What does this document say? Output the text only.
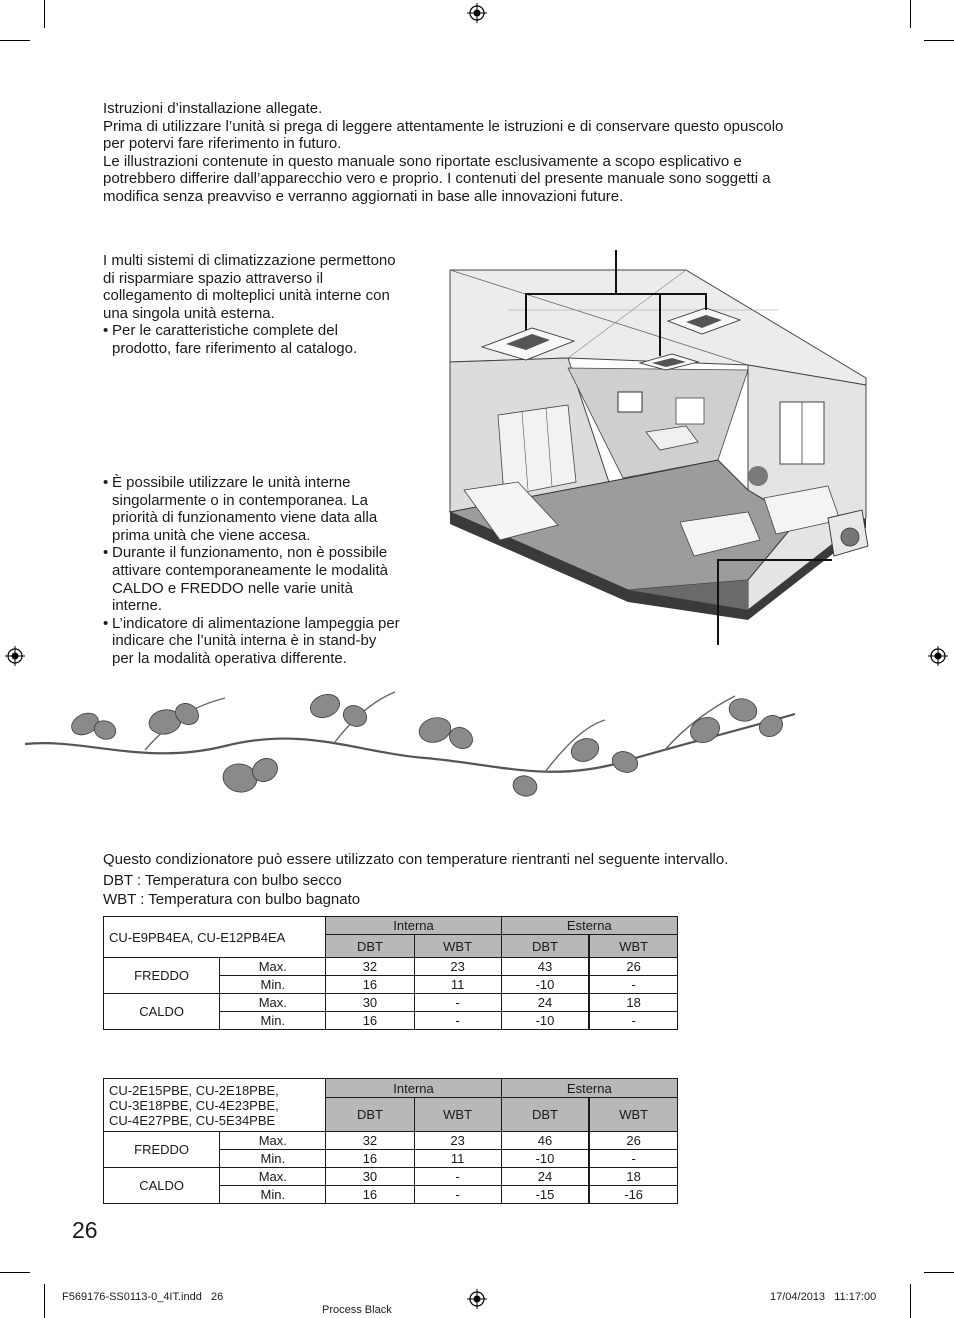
Istruzioni d’installazione allegate.

Prima di utilizzare l’unità si prega di leggere attentamente le istruzioni e di conservare questo opuscolo

per potervi fare riferimento in futuro.

Le illustrazioni contenute in questo manuale sono riportate esclusivamente a scopo esplicativo e

potrebbero differire dall’apparecchio vero e proprio. I contenuti del presente manuale sono soggetti a

modifica senza preavviso e verranno aggiornati in base alle innovazioni future.

I multi sistemi di climatizzazione permettono

di risparmiare spazio attraverso il

collegamento di molteplici unità interne con

una singola unità esterna.

• Per le caratteristiche complete del

prodotto, fare riferimento al catalogo.

• È possibile utilizzare le unità interne

singolarmente o in contemporanea. La

priorità di funzionamento viene data alla

prima unità che viene accesa.

• Durante il funzionamento, non è possibile

attivare contemporaneamente le modalità

CALDO e FREDDO nelle varie unità

interne.

• L’indicatore di alimentazione lampeggia per

indicare che l’unità interna è in stand-by

per la modalità operativa differente.

Questo condizionatore può essere utilizzato con temperature rientranti nel seguente intervallo.

DBT : Temperatura con bulbo secco

WBT : Temperatura con bulbo bagnato

CU-E9PB4EA, CU-E12PB4EA		Interna		Esterna	
		DBT	WBT	DBT	WBT
FREDDO	Max.	32	23	43	26
	Min.	16	11	-10	-
CALDO	Max.	30	-	24	18
	Min.	16	-	-10	-
CU-2E15PBE, CU-2E18PBE,
CU-3E18PBE, CU-4E23PBE,
CU-4E27PBE, CU-5E34PBE		Interna		Esterna	
		DBT	WBT	DBT	WBT
FREDDO	Max.	32	23	46	26
	Min.	16	11	-10	-
CALDO	Max.	30	-	24	18
	Min.	16	-	-15	-16
26
F569176-SS0113-0_4IT.indd   26
Process Black
17/04/2013   11:17:00
